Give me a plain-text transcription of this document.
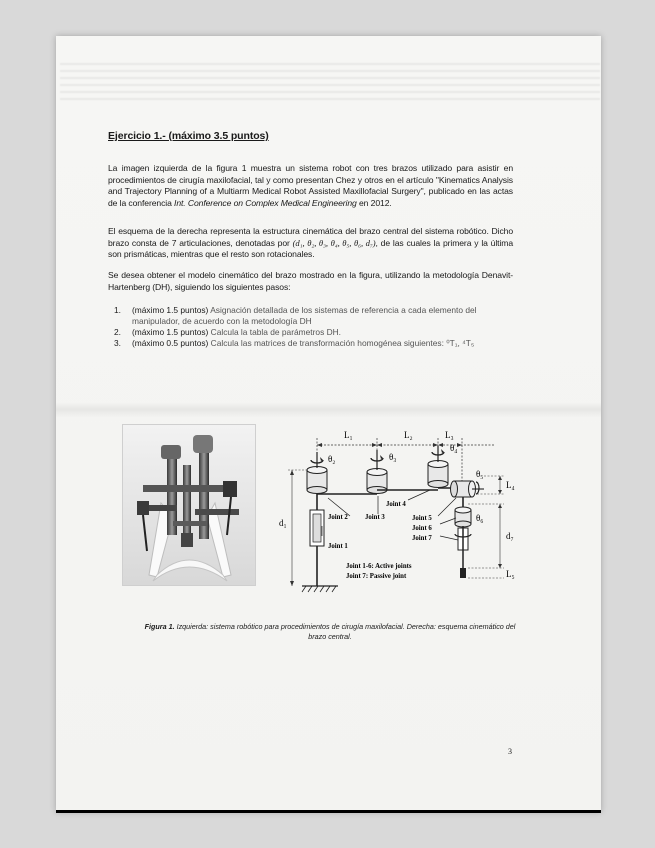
Ejercicio 1.- (máximo 3.5 puntos)
La imagen izquierda de la figura 1 muestra un sistema robot con tres brazos utilizado para asistir en procedimientos de cirugía maxilofacial, tal y como presentan Chez y otros en el artículo "Kinematics Analysis and Trajectory Planning of a Multiarm Medical Robot Assisted Maxillofacial Surgery", publicado en las actas de la conferencia Int. Conference on Complex Medical Engineering en 2012.
El esquema de la derecha representa la estructura cinemática del brazo central del sistema robótico. Dicho brazo consta de 7 articulaciones, denotadas por (d₁, θ₂, θ₃, θ₄, θ₅, θ₆, d₇), de las cuales la primera y la última son prismáticas, mientras que el resto son rotacionales.
Se desea obtener el modelo cinemático del brazo mostrado en la figura, utilizando la metodología Denavit-Hartenberg (DH), siguiendo los siguientes pasos:
1.	(máximo 1.5 puntos) Asignación detallada de los sistemas de referencia a cada elemento del manipulador, de acuerdo con la metodología DH
2.	(máximo 1.5 puntos) Calcula la tabla de parámetros DH.
3.	(máximo 0.5 puntos) Calcula las matrices de transformación homogénea siguientes: ⁰T₁, ⁴T₅
L₁	L₂	L₃
d₁
θ₂	θ₃
θ₄
θ₅
L₄
θ₆
d₇
L₅
Joint 2	Joint 3
Joint 4
Joint 5
Joint 6
Joint 7
Joint 1
Joint 1-6: Active joints
Joint 7: Passive joint
Figura 1. Izquierda: sistema robótico para procedimientos de cirugía maxilofacial. Derecha: esquema cinemático del brazo central.
3
